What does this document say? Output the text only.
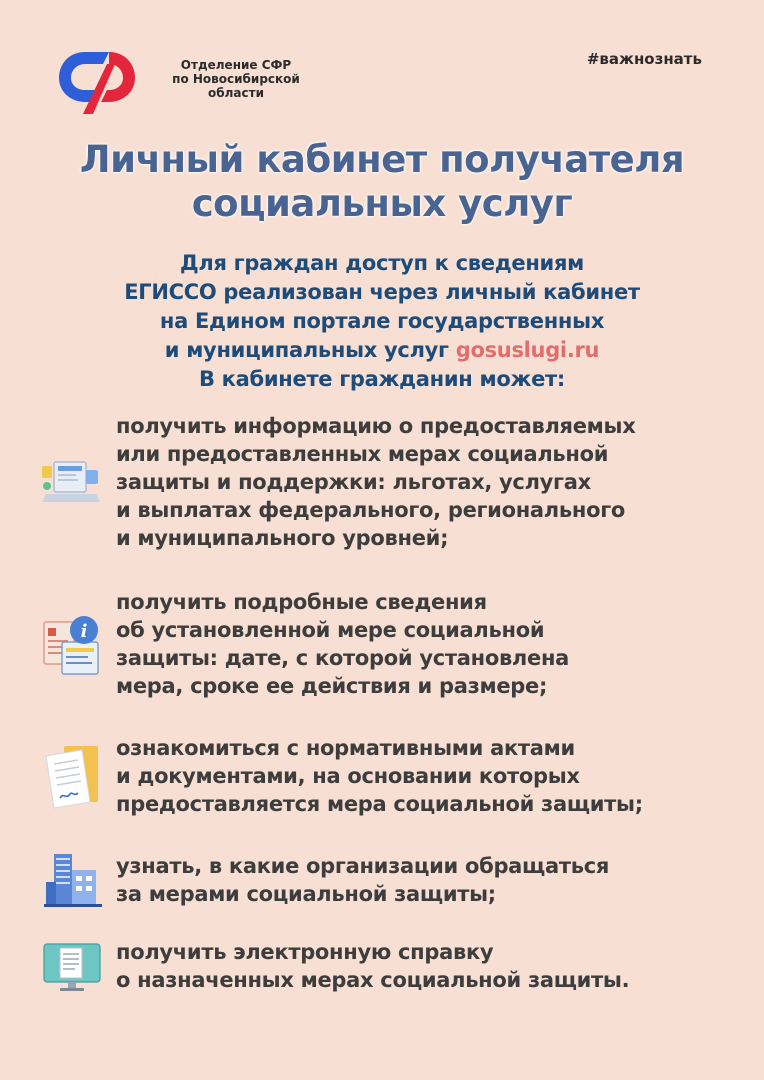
Отделение СФР
по Новосибирской
области
#важнознать
Личный кабинет получателя
социальных услуг
Для граждан доступ к сведениям
ЕГИССО реализован через личный кабинет
на Едином портале государственных
и муниципальных услуг gosuslugi.ru
В кабинете гражданин может:
получить информацию о предоставляемых
или предоставленных мерах социальной
защиты и поддержки: льготах, услугах
и выплатах федерального, регионального
и муниципального уровней;
i
получить подробные сведения
об установленной мере социальной
защиты: дате, с которой установлена
мера, сроке ее действия и размере;
ознакомиться с нормативными актами
и документами, на основании которых
предоставляется мера социальной защиты;
узнать, в какие организации обращаться
за мерами социальной защиты;
получить электронную справку
о назначенных мерах социальной защиты.
